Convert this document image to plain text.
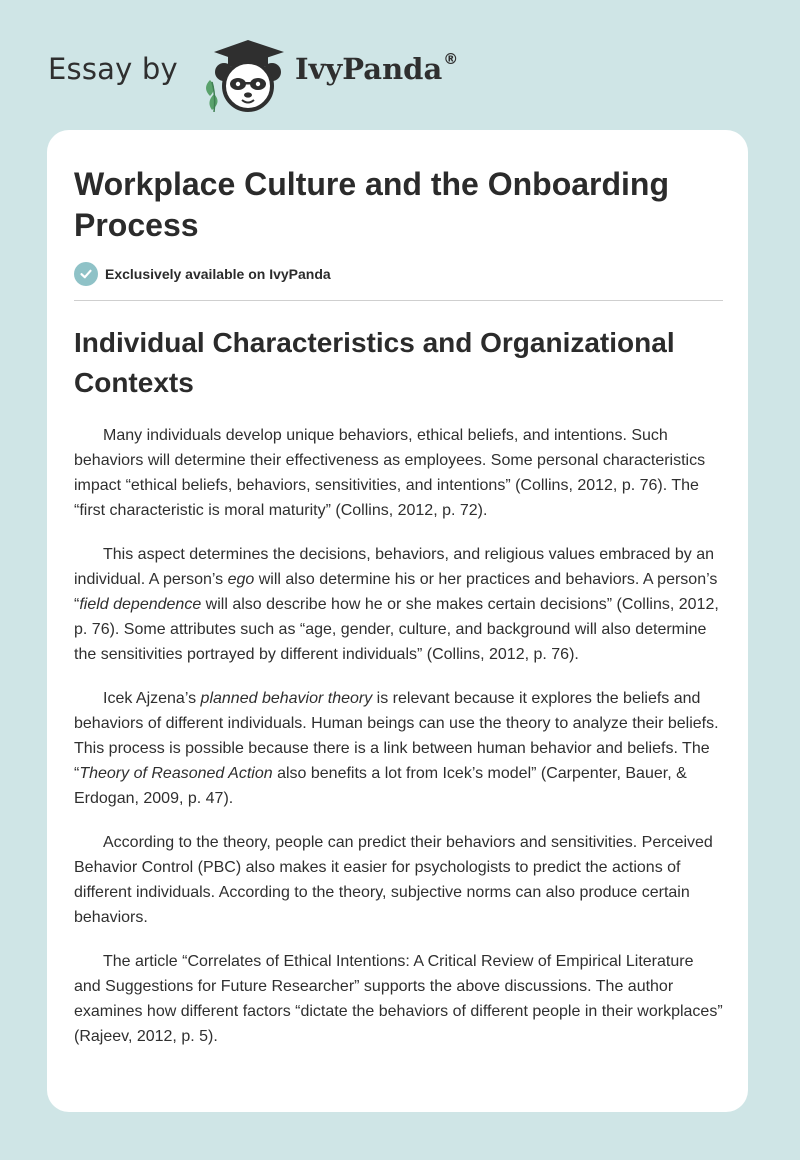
Essay by	IvyPanda®
Workplace Culture and the Onboarding Process
Exclusively available on IvyPanda
Individual Characteristics and Organizational Contexts

Many individuals develop unique behaviors, ethical beliefs, and intentions. Such behaviors will determine their effectiveness as employees. Some personal characteristics impact “ethical beliefs, behaviors, sensitivities, and intentions” (Collins, 2012, p. 76). The “first characteristic is moral maturity” (Collins, 2012, p. 72).

This aspect determines the decisions, behaviors, and religious values embraced by an individual. A person’s ego will also determine his or her practices and behaviors. A person’s “field dependence will also describe how he or she makes certain decisions” (Collins, 2012, p. 76). Some attributes such as “age, gender, culture, and background will also determine the sensitivities portrayed by different individuals” (Collins, 2012, p. 76).

Icek Ajzena’s planned behavior theory is relevant because it explores the beliefs and behaviors of different individuals. Human beings can use the theory to analyze their beliefs. This process is possible because there is a link between human behavior and beliefs. The “Theory of Reasoned Action also benefits a lot from Icek’s model” (Carpenter, Bauer, & Erdogan, 2009, p. 47).

According to the theory, people can predict their behaviors and sensitivities. Perceived Behavior Control (PBC) also makes it easier for psychologists to predict the actions of different individuals. According to the theory, subjective norms can also produce certain behaviors.

The article “Correlates of Ethical Intentions: A Critical Review of Empirical Literature and Suggestions for Future Researcher” supports the above discussions. The author examines how different factors “dictate the behaviors of different people in their workplaces” (Rajeev, 2012, p. 5).
